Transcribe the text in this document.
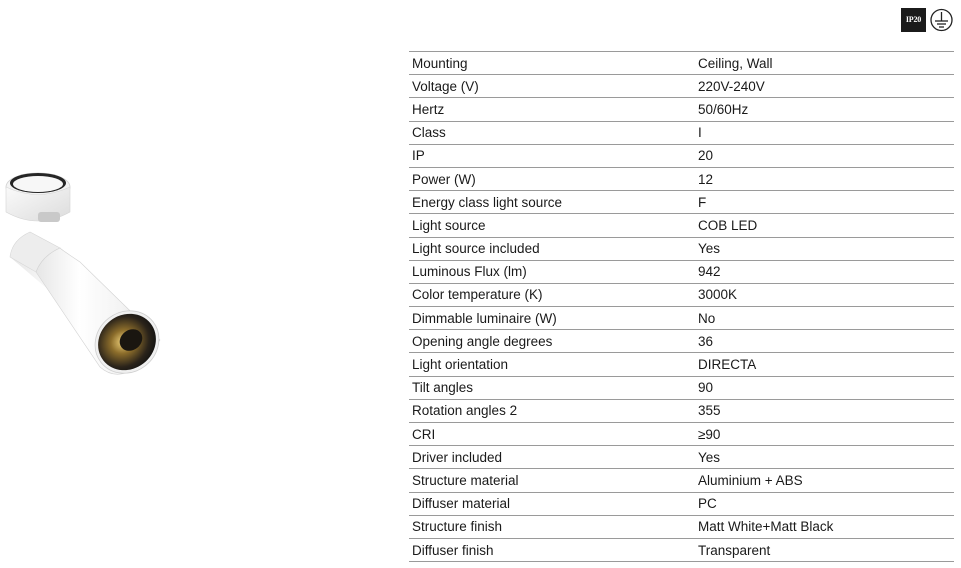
IP20
Mounting	Ceiling, Wall
Voltage (V)	220V-240V
Hertz	50/60Hz
Class	I
IP	20
Power (W)	12
Energy class light source	F
Light source	COB LED
Light source included	Yes
Luminous Flux (lm)	942
Color temperature (K)	3000K
Dimmable luminaire (W)	No
Opening angle degrees	36
Light orientation	DIRECTA
Tilt angles	90
Rotation angles 2	355
CRI	≥90
Driver included	Yes
Structure material	Aluminium + ABS
Diffuser material	PC
Structure finish	Matt White+Matt Black
Diffuser finish	Transparent
